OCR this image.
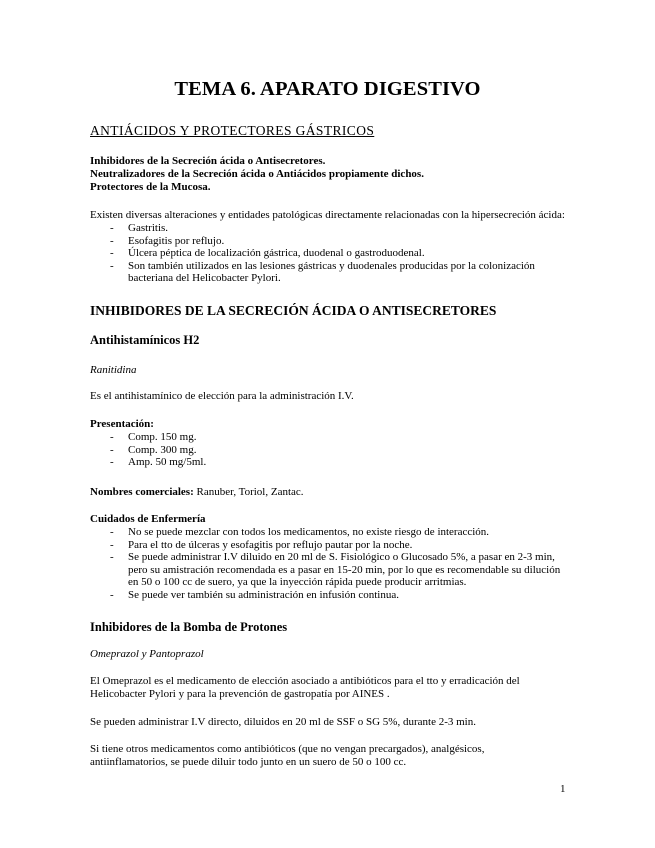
TEMA 6. APARATO DIGESTIVO
ANTIÁCIDOS Y PROTECTORES GÁSTRICOS
Inhibidores de la Secreción ácida o Antisecretores.
Neutralizadores de la Secreción ácida o Antiácidos propiamente dichos.
Protectores de la Mucosa.
Existen diversas alteraciones y entidades patológicas directamente relacionadas con la hipersecreción ácida:
- Gastritis.
- Esofagitis por reflujo.
- Úlcera péptica de localización gástrica, duodenal o gastroduodenal.
- Son también utilizados en las lesiones gástricas y duodenales producidas por la colonización bacteriana del Helicobacter Pylori.
INHIBIDORES DE LA SECRECIÓN ÁCIDA O ANTISECRETORES
Antihistamínicos H2
Ranitidina
Es el antihistamínico de elección para la administración I.V.
Presentación:
- Comp. 150 mg.
- Comp. 300 mg.
- Amp. 50 mg/5ml.
Nombres comerciales: Ranuber, Toriol, Zantac.
Cuidados de Enfermería
- No se puede mezclar con todos los medicamentos, no existe riesgo de interacción.
- Para el tto de úlceras y esofagitis por reflujo pautar por la noche.
- Se puede administrar I.V diluido en 20 ml de S. Fisiológico o Glucosado 5%, a pasar en 2-3 min, pero su amistración recomendada es a pasar en 15-20 min, por lo que es recomendable su dilución en 50 o 100 cc de suero, ya que la inyección rápida puede producir arritmias.
- Se puede ver también su administración en infusión continua.
Inhibidores de la Bomba de Protones
Omeprazol y Pantoprazol
El Omeprazol es el medicamento de elección asociado a antibióticos para el tto y erradicación del Helicobacter Pylori y para la prevención de gastropatía por AINES .
Se pueden administrar I.V directo, diluidos en 20 ml de SSF o SG 5%, durante 2-3 min.
Si tiene otros medicamentos como antibióticos (que no vengan precargados), analgésicos, antiinflamatorios, se puede diluir todo junto en un suero de 50 o 100 cc.
1
